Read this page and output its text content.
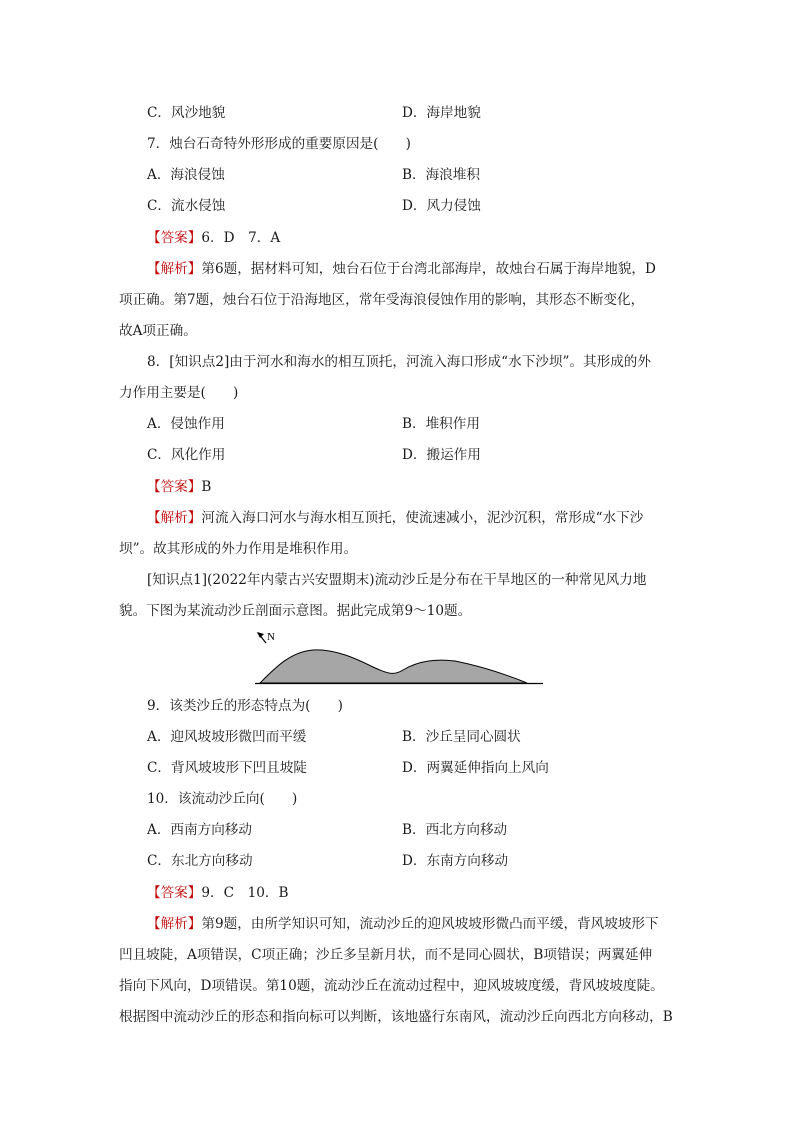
C．风沙地貌	D．海岸地貌
7．烛台石奇特外形形成的重要原因是(　　)
A．海浪侵蚀	B．海浪堆积
C．流水侵蚀	D．风力侵蚀
【答案】6．D　7．A
【解析】第6题，据材料可知，烛台石位于台湾北部海岸，故烛台石属于海岸地貌，D
项正确。第7题，烛台石位于沿海地区，常年受海浪侵蚀作用的影响，其形态不断变化，
故A项正确。
8．[知识点2]由于河水和海水的相互顶托，河流入海口形成“水下沙坝”。其形成的外
力作用主要是(　　)
A．侵蚀作用	B．堆积作用
C．风化作用	D．搬运作用
【答案】B
【解析】河流入海口河水与海水相互顶托，使流速减小，泥沙沉积，常形成“水下沙
坝”。故其形成的外力作用是堆积作用。
[知识点1](2022年内蒙古兴安盟期末)流动沙丘是分布在干旱地区的一种常见风力地
貌。下图为某流动沙丘剖面示意图。据此完成第9～10题。
N
9．该类沙丘的形态特点为(　　)
A．迎风坡坡形微凹而平缓	B．沙丘呈同心圆状
C．背风坡坡形下凹且坡陡	D．两翼延伸指向上风向
10．该流动沙丘向(　　)
A．西南方向移动	B．西北方向移动
C．东北方向移动	D．东南方向移动
【答案】9．C　10．B
【解析】第9题，由所学知识可知，流动沙丘的迎风坡坡形微凸而平缓，背风坡坡形下
凹且坡陡，A项错误，C项正确；沙丘多呈新月状，而不是同心圆状，B项错误；两翼延伸
指向下风向，D项错误。第10题，流动沙丘在流动过程中，迎风坡坡度缓，背风坡坡度陡。
根据图中流动沙丘的形态和指向标可以判断，该地盛行东南风，流动沙丘向西北方向移动，B
